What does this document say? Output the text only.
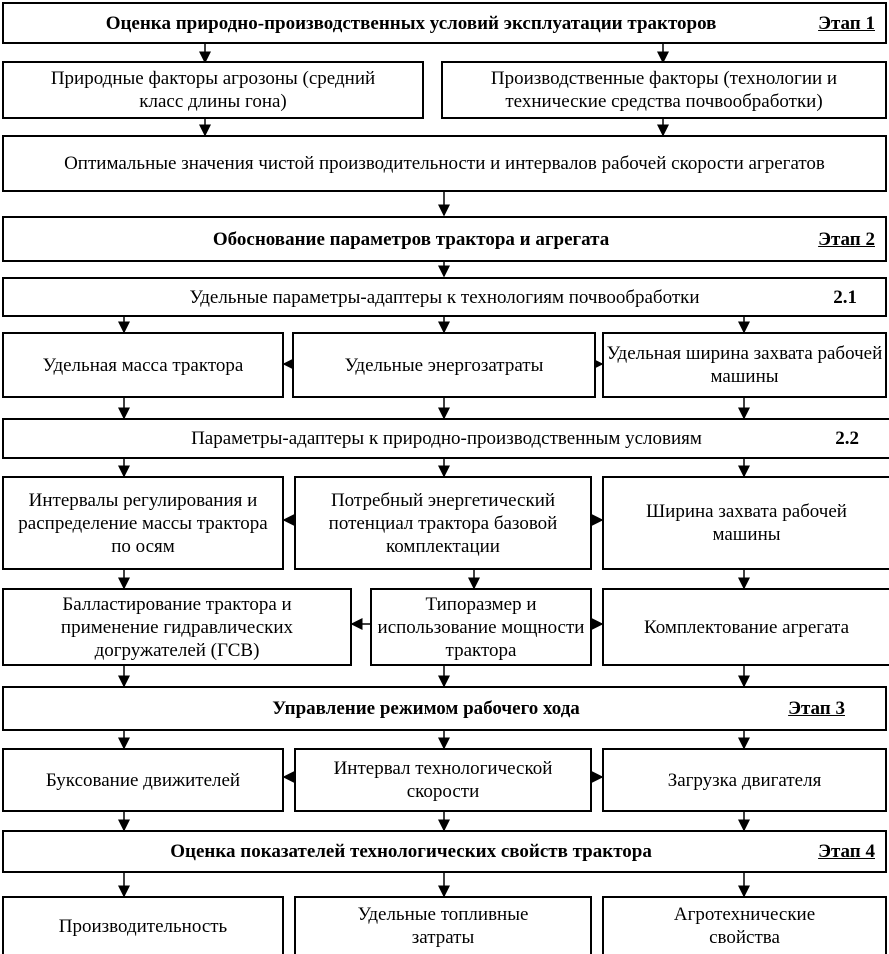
Оценка природно-производственных условий эксплуатации тракторов	Этап 1
Природные факторы агрозоны (средний класс длины гона)
Производственные факторы (технологии и технические средства почвообработки)
Оптимальные значения чистой производительности и интервалов рабочей скорости агрегатов
Обоснование параметров трактора и агрегата	Этап 2
Удельные параметры-адаптеры к технологиям почвообработки	2.1
Удельная масса трактора	Удельные энергозатраты
Удельная ширина захвата рабочей машины
Параметры-адаптеры к природно-производственным условиям	2.2
Интервалы регулирования и распределение массы трактора по осям
Потребный энергетический потенциал трактора базовой комплектации
Ширина захвата рабочей машины
Балластирование трактора и применение гидравлических догружателей (ГСВ)
Типоразмер и использование мощности трактора
Комплектование агрегата
Управление режимом рабочего хода	Этап 3
Буксование движителей
Интервал технологической скорости
Загрузка двигателя
Оценка показателей технологических свойств трактора	Этап 4
Производительность
Удельные топливные затраты
Агротехнические свойства
